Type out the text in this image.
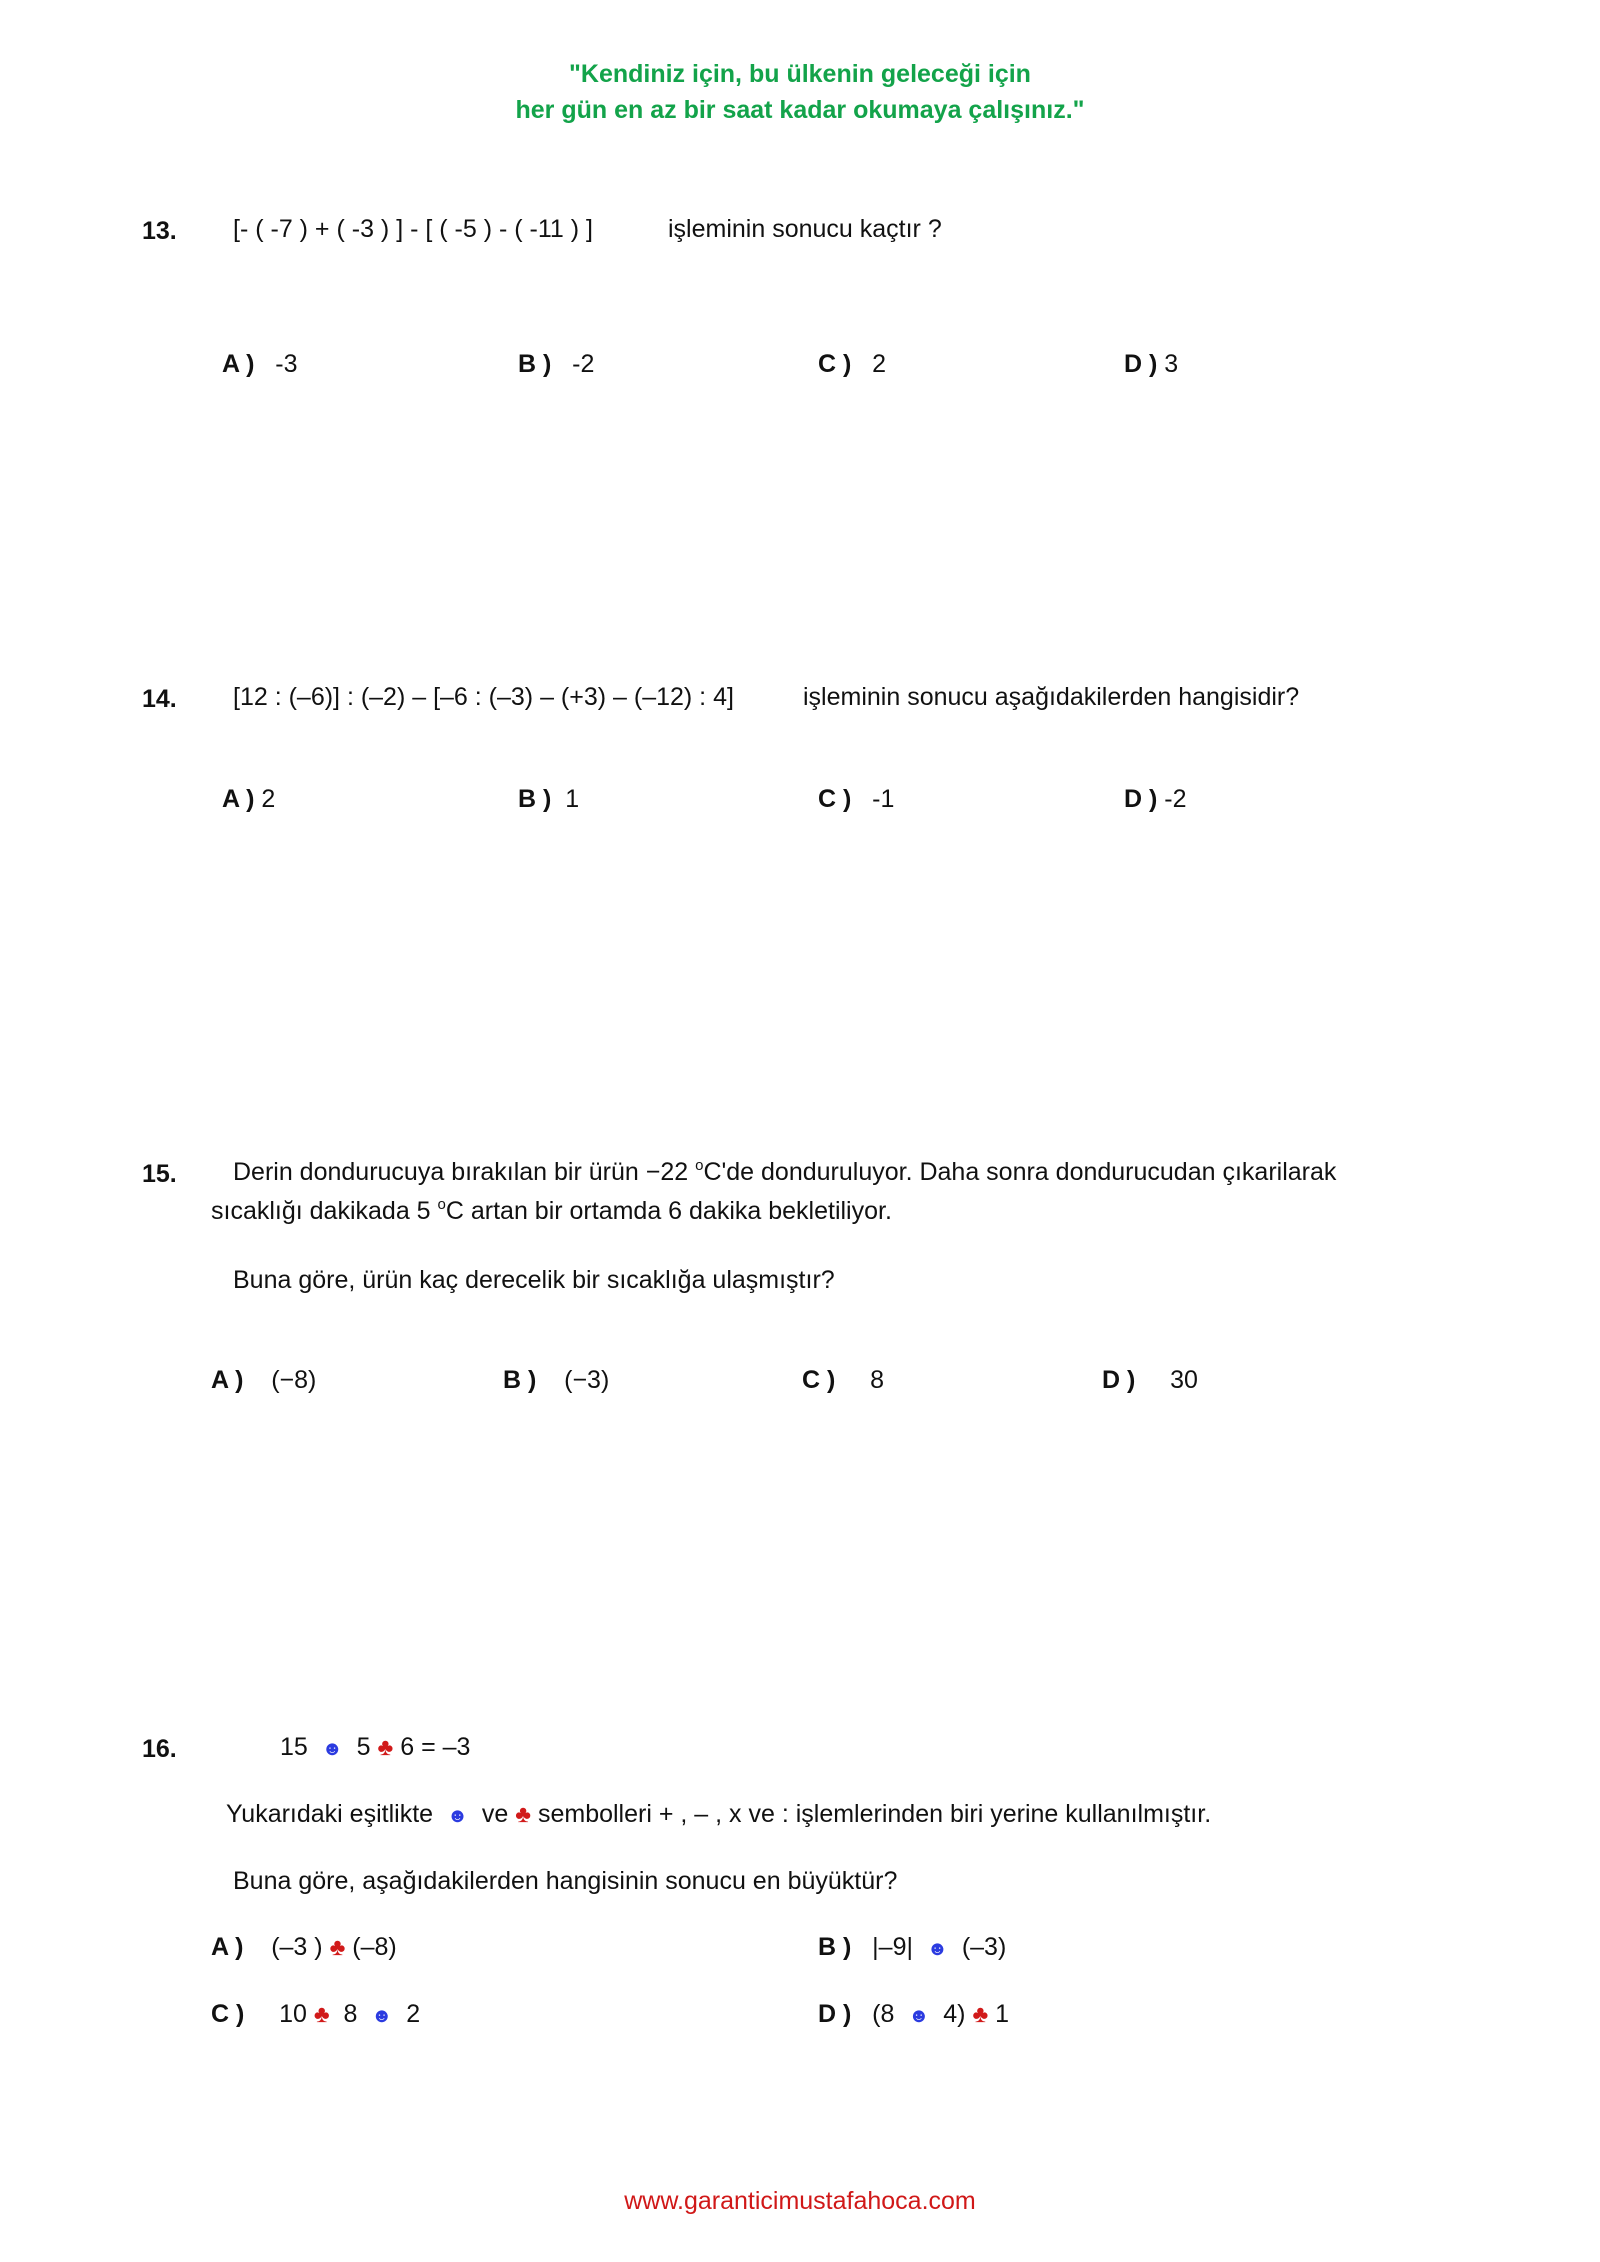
"Kendiniz için, bu ülkenin geleceği için
her gün en az bir saat kadar okumaya çalışınız."
13. [- ( -7 ) + ( -3 ) ] - [ ( -5 ) - ( -11 ) ]	işleminin sonucu kaçtır ?
A ) -3	B ) -2	C ) 2	D ) 3
14. [12 : (–6)] : (–2) – [–6 : (–3) – (+3) – (–12) : 4]	işleminin sonucu aşağıdakilerden hangisidir?
A ) 2	B ) 1	C ) -1	D ) -2
15. Derin dondurucuya bırakılan bir ürün −22 $^o$C'de donduruluyor. Daha sonra dondurucudan çıkarilarak
sıcaklığı dakikada 5 $^o$C artan bir ortamda 6 dakika bekletiliyor.
Buna göre, ürün kaç derecelik bir sıcaklığa ulaşmıştır?
A ) (−8)	B ) (−3)	C ) 8	D ) 30
16.	15 ☻ 5 ♣ 6 = –3
Yukarıdaki eşitlikte ☻ ve ♣ sembolleri + , – , x ve : işlemlerinden biri yerine kullanılmıştır.
Buna göre, aşağıdakilerden hangisinin sonucu en büyüktür?
A ) (–3 ) ♣ (–8)	B ) |–9| ☻ (–3)
C ) 10 ♣ 8 ☻ 2	D ) (8 ☻ 4) ♣ 1
www.garanticimustafahoca.com
